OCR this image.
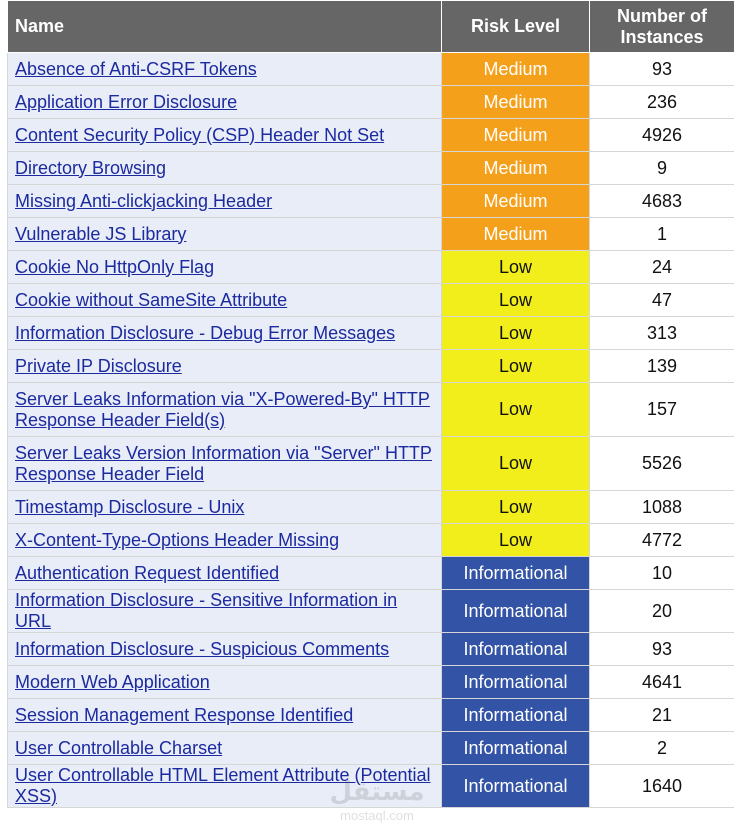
Name	Risk Level	Number of Instances
Absence of Anti-CSRF Tokens	Medium	93
Application Error Disclosure	Medium	236
Content Security Policy (CSP) Header Not Set	Medium	4926
Directory Browsing	Medium	9
Missing Anti-clickjacking Header	Medium	4683
Vulnerable JS Library	Medium	1
Cookie No HttpOnly Flag	Low	24
Cookie without SameSite Attribute	Low	47
Information Disclosure - Debug Error Messages	Low	313
Private IP Disclosure	Low	139
Server Leaks Information via "X-Powered-By" HTTP Response Header Field(s)	Low	157
Server Leaks Version Information via "Server" HTTP Response Header Field	Low	5526
Timestamp Disclosure - Unix	Low	1088
X-Content-Type-Options Header Missing	Low	4772
Authentication Request Identified	Informational	10
Information Disclosure - Sensitive Information in URL	Informational	20
Information Disclosure - Suspicious Comments	Informational	93
Modern Web Application	Informational	4641
Session Management Response Identified	Informational	21
User Controllable Charset	Informational	2
User Controllable HTML Element Attribute (Potential XSS)	Informational	1640
mostaql.com
